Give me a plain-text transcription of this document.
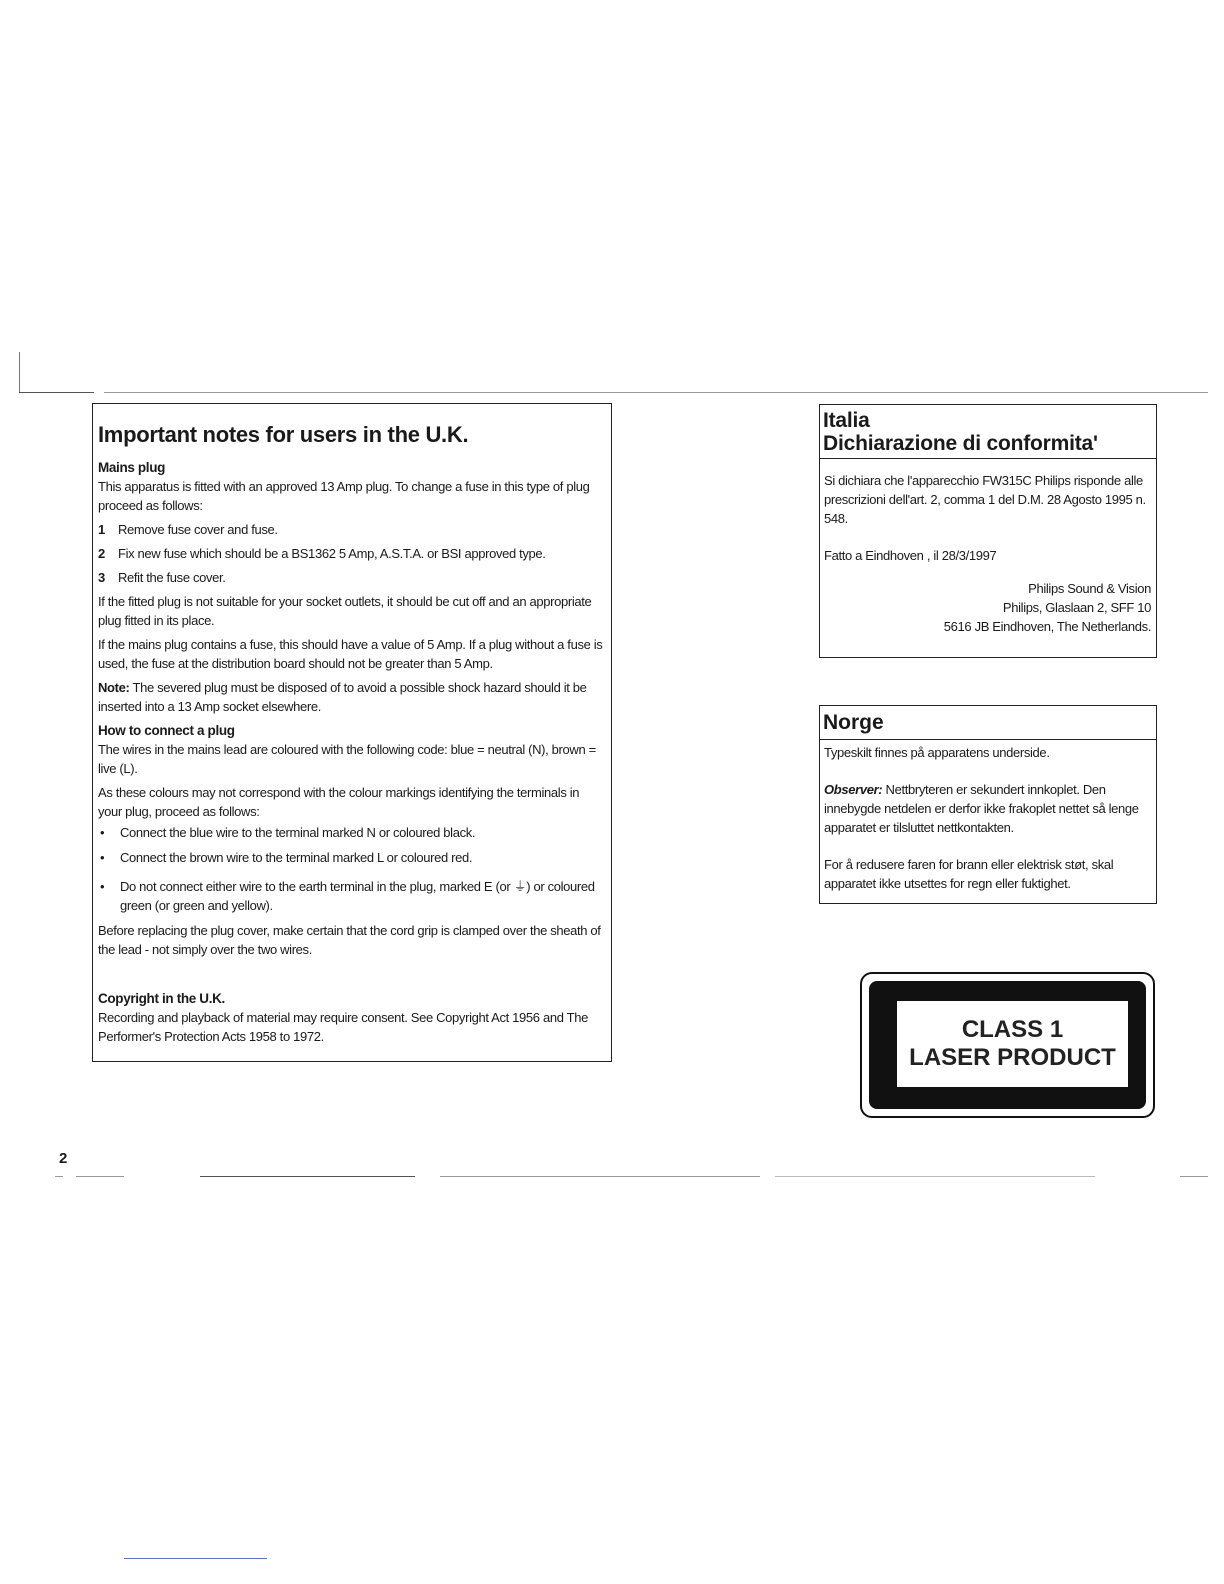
Important notes for users in the U.K.
Mains plug

This apparatus is fitted with an approved 13 Amp plug. To change a fuse in this type of plug proceed as follows:

1	Remove fuse cover and fuse.
2	Fix new fuse which should be a BS1362 5 Amp, A.S.T.A. or BSI approved type.
3	Refit the fuse cover.

If the fitted plug is not suitable for your socket outlets, it should be cut off and an appropriate plug fitted in its place.

If the mains plug contains a fuse, this should have a value of 5 Amp. If a plug without a fuse is used, the fuse at the distribution board should not be greater than 5 Amp.

Note: The severed plug must be disposed of to avoid a possible shock hazard should it be inserted into a 13 Amp socket elsewhere.

How to connect a plug

The wires in the mains lead are coloured with the following code: blue = neutral (N), brown = live (L).

As these colours may not correspond with the colour markings identifying the terminals in your plug, proceed as follows:

•	Connect the blue wire to the terminal marked N or coloured black.
•	Connect the brown wire to the terminal marked L or coloured red.
•	Do not connect either wire to the earth terminal in the plug, marked E (or ⏚) or coloured green (or green and yellow).

Before replacing the plug cover, make certain that the cord grip is clamped over the sheath of the lead - not simply over the two wires.

Copyright in the U.K.

Recording and playback of material may require consent. See Copyright Act 1956 and The Performer's Protection Acts 1958 to 1972.

Italia
Dichiarazione di conformita'

Si dichiara che l'apparecchio FW315C Philips risponde alle prescrizioni dell'art. 2, comma 1 del D.M. 28 Agosto 1995 n. 548.

Fatto a Eindhoven , il 28/3/1997

Philips Sound & Vision
Philips, Glaslaan 2, SFF 10
5616 JB Eindhoven, The Netherlands.
Norge

Typeskilt finnes på apparatens underside.

Observer: Nettbryteren er sekundert innkoplet. Den innebygde netdelen er derfor ikke frakoplet nettet så lenge apparatet er tilsluttet nettkontakten.

For å redusere faren for brann eller elektrisk støt, skal apparatet ikke utsettes for regn eller fuktighet.

CLASS 1
LASER PRODUCT
2
